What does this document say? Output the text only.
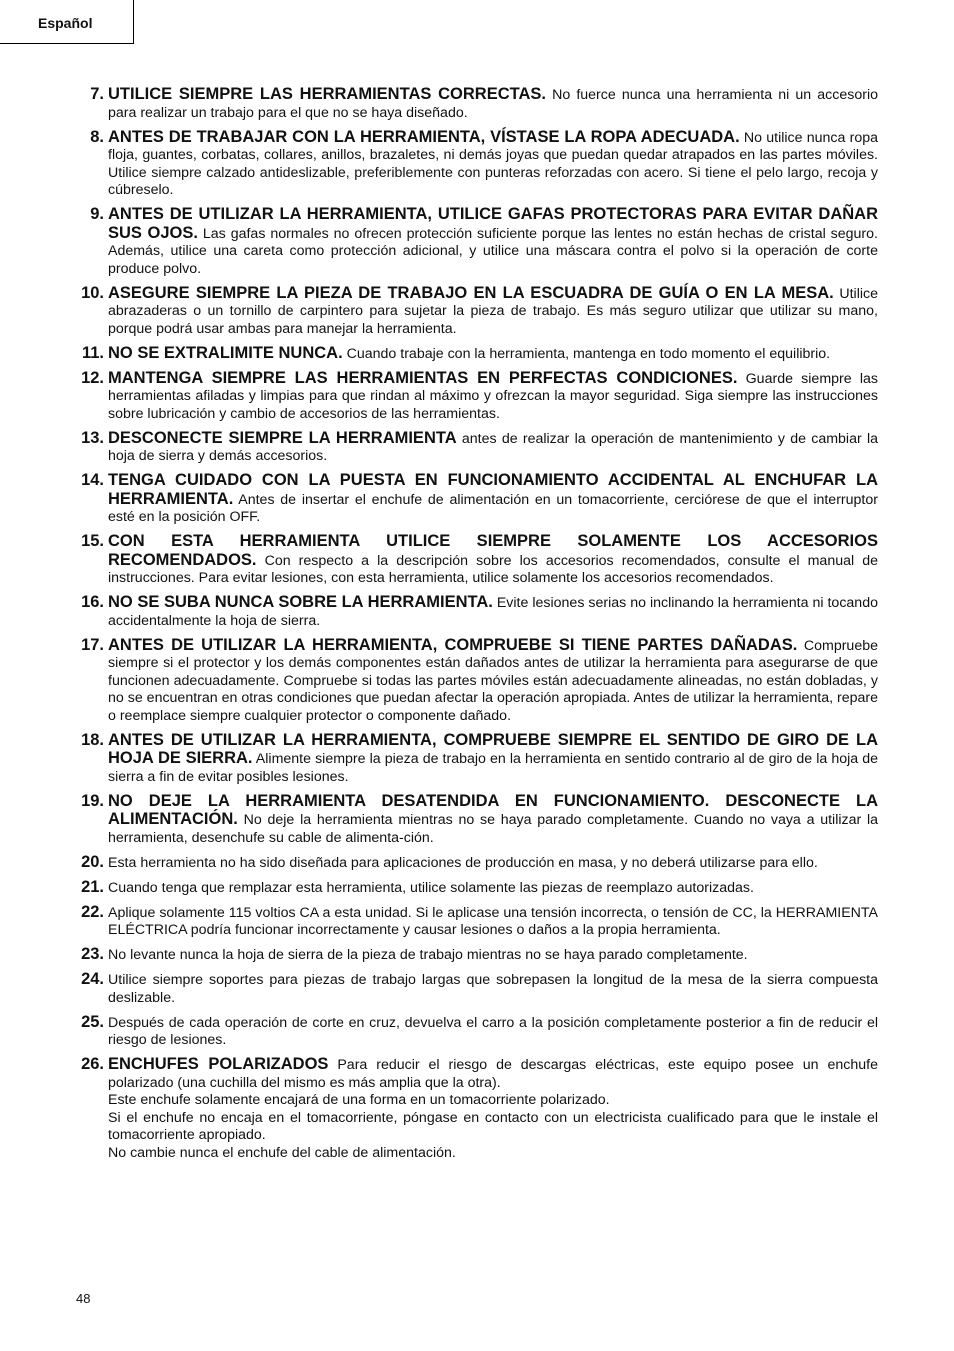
Español
7. UTILICE SIEMPRE LAS HERRAMIENTAS CORRECTAS. No fuerce nunca una herramienta ni un accesorio para realizar un trabajo para el que no se haya diseñado.
8. ANTES DE TRABAJAR CON LA HERRAMIENTA, VÍSTASE LA ROPA ADECUADA. No utilice nunca ropa floja, guantes, corbatas, collares, anillos, brazaletes, ni demás joyas que puedan quedar atrapados en las partes móviles. Utilice siempre calzado antideslizable, preferiblemente con punteras reforzadas con acero. Si tiene el pelo largo, recoja y cúbreselo.
9. ANTES DE UTILIZAR LA HERRAMIENTA, UTILICE GAFAS PROTECTORAS PARA EVITAR DAÑAR SUS OJOS. Las gafas normales no ofrecen protección suficiente porque las lentes no están hechas de cristal seguro. Además, utilice una careta como protección adicional, y utilice una máscara contra el polvo si la operación de corte produce polvo.
10. ASEGURE SIEMPRE LA PIEZA DE TRABAJO EN LA ESCUADRA DE GUÍA O EN LA MESA. Utilice abrazaderas o un tornillo de carpintero para sujetar la pieza de trabajo. Es más seguro utilizar que utilizar su mano, porque podrá usar ambas para manejar la herramienta.
11. NO SE EXTRALIMITE NUNCA. Cuando trabaje con la herramienta, mantenga en todo momento el equilibrio.
12. MANTENGA SIEMPRE LAS HERRAMIENTAS EN PERFECTAS CONDICIONES. Guarde siempre las herramientas afiladas y limpias para que rindan al máximo y ofrezcan la mayor seguridad. Siga siempre las instrucciones sobre lubricación y cambio de accesorios de las herramientas.
13. DESCONECTE SIEMPRE LA HERRAMIENTA antes de realizar la operación de mantenimiento y de cambiar la hoja de sierra y demás accesorios.
14. TENGA CUIDADO CON LA PUESTA EN FUNCIONAMIENTO ACCIDENTAL AL ENCHUFAR LA HERRAMIENTA. Antes de insertar el enchufe de alimentación en un tomacorriente, cerciórese de que el interruptor esté en la posición OFF.
15. CON ESTA HERRAMIENTA UTILICE SIEMPRE SOLAMENTE LOS ACCESORIOS RECOMENDADOS. Con respecto a la descripción sobre los accesorios recomendados, consulte el manual de instrucciones. Para evitar lesiones, con esta herramienta, utilice solamente los accesorios recomendados.
16. NO SE SUBA NUNCA SOBRE LA HERRAMIENTA. Evite lesiones serias no inclinando la herramienta ni tocando accidentalmente la hoja de sierra.
17. ANTES DE UTILIZAR LA HERRAMIENTA, COMPRUEBE SI TIENE PARTES DAÑADAS. Compruebe siempre si el protector y los demás componentes están dañados antes de utilizar la herramienta para asegurarse de que funcionen adecuadamente. Compruebe si todas las partes móviles están adecuadamente alineadas, no están dobladas, y no se encuentran en otras condiciones que puedan afectar la operación apropiada. Antes de utilizar la herramienta, repare o reemplace siempre cualquier protector o componente dañado.
18. ANTES DE UTILIZAR LA HERRAMIENTA, COMPRUEBE SIEMPRE EL SENTIDO DE GIRO DE LA HOJA DE SIERRA. Alimente siempre la pieza de trabajo en la herramienta en sentido contrario al de giro de la hoja de sierra a fin de evitar posibles lesiones.
19. NO DEJE LA HERRAMIENTA DESATENDIDA EN FUNCIONAMIENTO. DESCONECTE LA ALIMENTACIÓN. No deje la herramienta mientras no se haya parado completamente. Cuando no vaya a utilizar la herramienta, desenchufe su cable de alimenta-ción.
20. Esta herramienta no ha sido diseñada para aplicaciones de producción en masa, y no deberá utilizarse para ello.
21. Cuando tenga que remplazar esta herramienta, utilice solamente las piezas de reemplazo autorizadas.
22. Aplique solamente 115 voltios CA a esta unidad. Si le aplicase una tensión incorrecta, o tensión de CC, la HERRAMIENTA ELÉCTRICA podría funcionar incorrectamente y causar lesiones o daños a la propia herramienta.
23. No levante nunca la hoja de sierra de la pieza de trabajo mientras no se haya parado completamente.
24. Utilice siempre soportes para piezas de trabajo largas que sobrepasen la longitud de la mesa de la sierra compuesta deslizable.
25. Después de cada operación de corte en cruz, devuelva el carro a la posición completamente posterior a fin de reducir el riesgo de lesiones.
26. ENCHUFES POLARIZADOS Para reducir el riesgo de descargas eléctricas, este equipo posee un enchufe polarizado (una cuchilla del mismo es más amplia que la otra).
Este enchufe solamente encajará de una forma en un tomacorriente polarizado.
Si el enchufe no encaja en el tomacorriente, póngase en contacto con un electricista cualificado para que le instale el tomacorriente apropiado.
No cambie nunca el enchufe del cable de alimentación.
48
